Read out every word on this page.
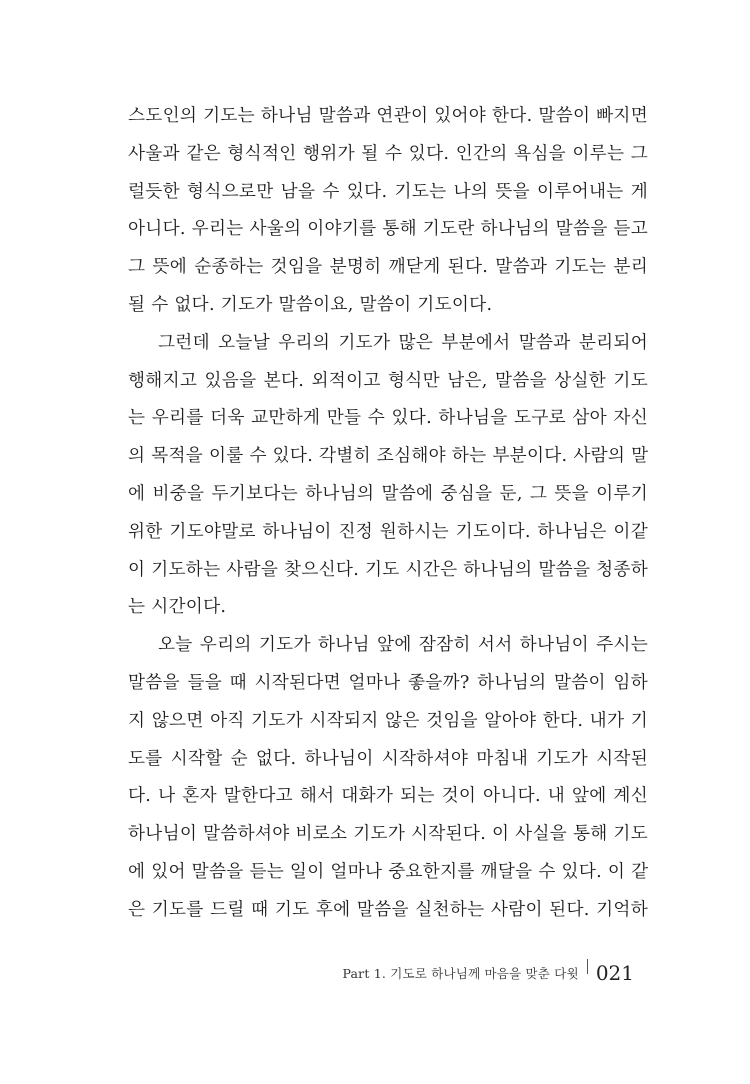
스도인의 기도는 하나님 말씀과 연관이 있어야 한다. 말씀이 빠지면
사울과 같은 형식적인 행위가 될 수 있다. 인간의 욕심을 이루는 그
럴듯한 형식으로만 남을 수 있다. 기도는 나의 뜻을 이루어내는 게
아니다. 우리는 사울의 이야기를 통해 기도란 하나님의 말씀을 듣고
그 뜻에 순종하는 것임을 분명히 깨닫게 된다. 말씀과 기도는 분리
될 수 없다. 기도가 말씀이요, 말씀이 기도이다.
그런데 오늘날 우리의 기도가 많은 부분에서 말씀과 분리되어
행해지고 있음을 본다. 외적이고 형식만 남은, 말씀을 상실한 기도
는 우리를 더욱 교만하게 만들 수 있다. 하나님을 도구로 삼아 자신
의 목적을 이룰 수 있다. 각별히 조심해야 하는 부분이다. 사람의 말
에 비중을 두기보다는 하나님의 말씀에 중심을 둔, 그 뜻을 이루기
위한 기도야말로 하나님이 진정 원하시는 기도이다. 하나님은 이같
이 기도하는 사람을 찾으신다. 기도 시간은 하나님의 말씀을 청종하
는 시간이다.
오늘 우리의 기도가 하나님 앞에 잠잠히 서서 하나님이 주시는
말씀을 들을 때 시작된다면 얼마나 좋을까? 하나님의 말씀이 임하
지 않으면 아직 기도가 시작되지 않은 것임을 알아야 한다. 내가 기
도를 시작할 순 없다. 하나님이 시작하셔야 마침내 기도가 시작된
다. 나 혼자 말한다고 해서 대화가 되는 것이 아니다. 내 앞에 계신
하나님이 말씀하셔야 비로소 기도가 시작된다. 이 사실을 통해 기도
에 있어 말씀을 듣는 일이 얼마나 중요한지를 깨달을 수 있다. 이 같
은 기도를 드릴 때 기도 후에 말씀을 실천하는 사람이 된다. 기억하
Part 1. 기도로 하나님께 마음을 맞춘 다윗 021
